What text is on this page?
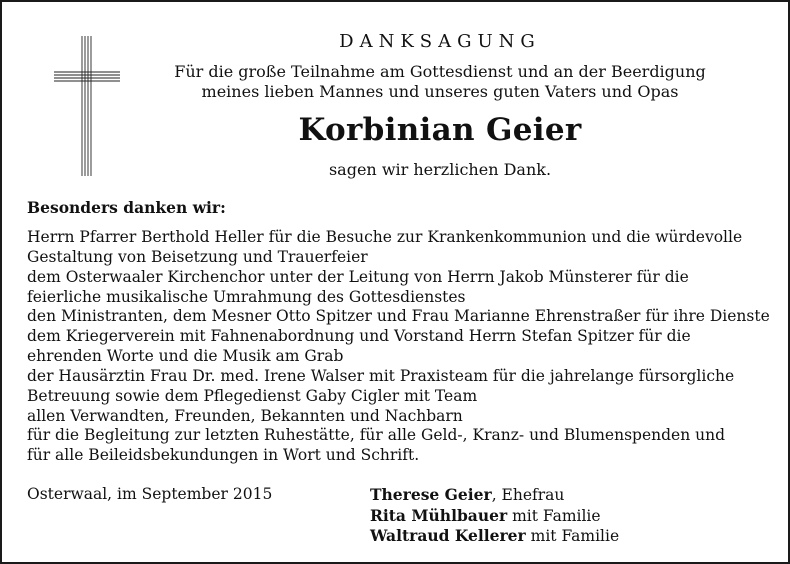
DANKSAGUNG
Für die große Teilnahme am Gottesdienst und an der Beerdigung
meines lieben Mannes und unseres guten Vaters und Opas
Korbinian Geier
sagen wir herzlichen Dank.
Besonders danken wir:
Herrn Pfarrer Berthold Heller für die Besuche zur Krankenkommunion und die würdevolle
Gestaltung von Beisetzung und Trauerfeier
dem Osterwaaler Kirchenchor unter der Leitung von Herrn Jakob Münsterer für die
feierliche musikalische Umrahmung des Gottesdienstes
den Ministranten, dem Mesner Otto Spitzer und Frau Marianne Ehrenstraßer für ihre Dienste
dem Kriegerverein mit Fahnenabordnung und Vorstand Herrn Stefan Spitzer für die
ehrenden Worte und die Musik am Grab
der Hausärztin Frau Dr. med. Irene Walser mit Praxisteam für die jahrelange fürsorgliche
Betreuung sowie dem Pflegedienst Gaby Cigler mit Team
allen Verwandten, Freunden, Bekannten und Nachbarn
für die Begleitung zur letzten Ruhestätte, für alle Geld-, Kranz- und Blumenspenden und
für alle Beileidsbekundungen in Wort und Schrift.
Osterwaal, im September 2015	Therese Geier, Ehefrau
Rita Mühlbauer mit Familie
Waltraud Kellerer mit Familie
